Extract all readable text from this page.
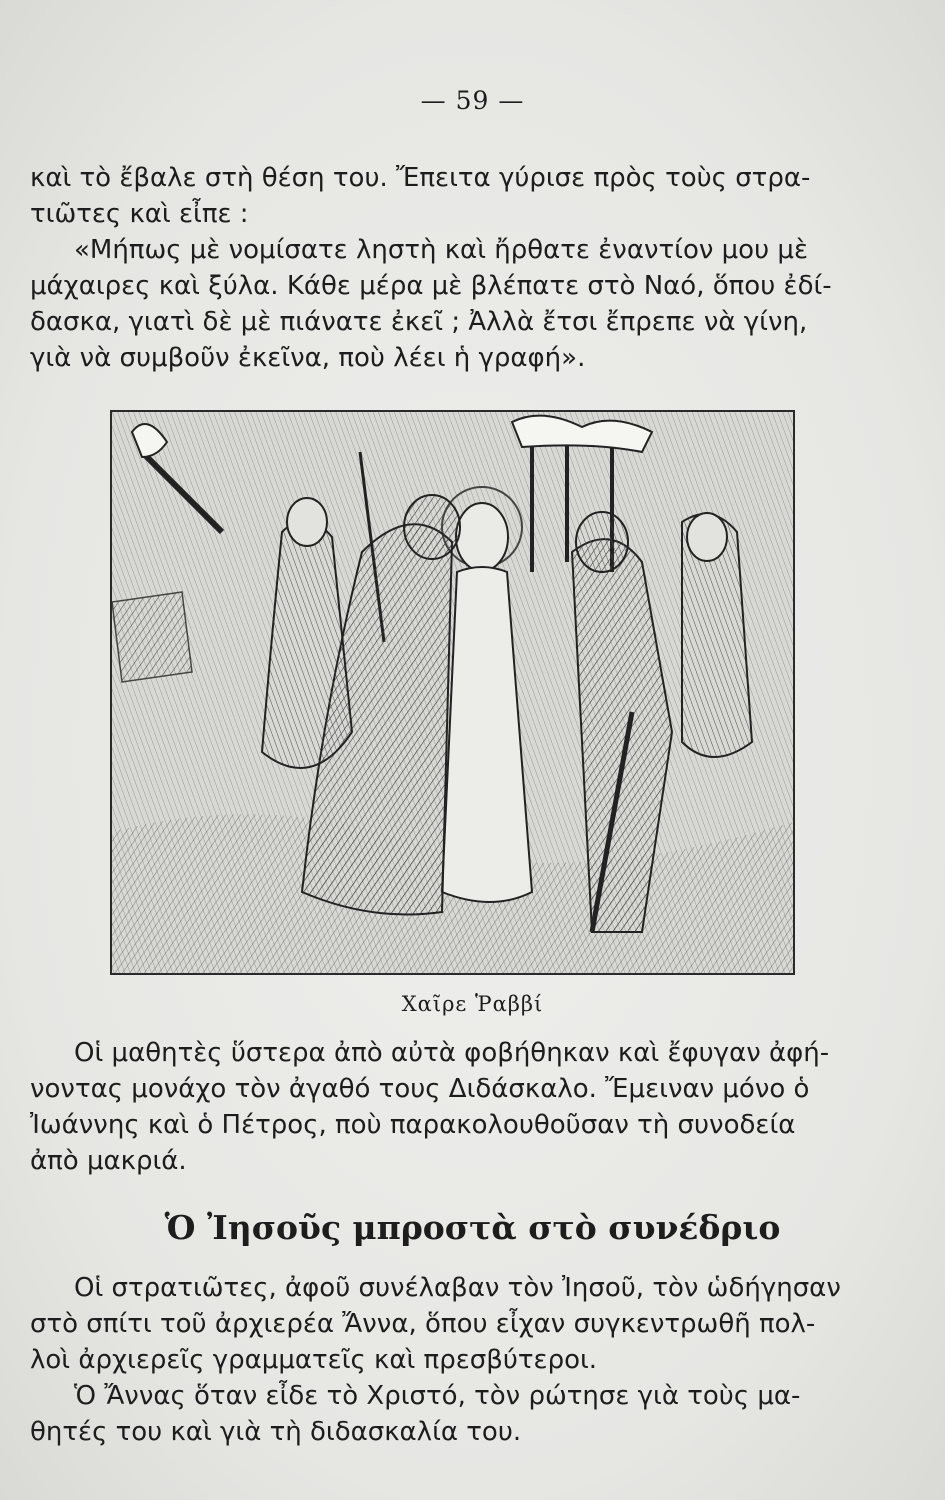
— 59 —
καὶ τὸ ἔβαλε στὴ θέση του. Ἔπειτα γύρισε πρὸς τοὺς στρα-
τιῶτες καὶ εἶπε :
«Μήπως μὲ νομίσατε ληστὴ καὶ ἤρθατε ἐναντίον μου μὲ
μάχαιρες καὶ ξύλα. Κάθε μέρα μὲ βλέπατε στὸ Ναό, ὅπου ἐδί-
δασκα, γιατὶ δὲ μὲ πιάνατε ἐκεῖ ; Ἀλλὰ ἔτσι ἔπρεπε νὰ γίνη,
γιὰ νὰ συμβοῦν ἐκεῖνα, ποὺ λέει ἡ γραφή».
Χαῖρε Ῥαββί
Οἱ μαθητὲς ὕστερα ἀπὸ αὐτὰ φοβήθηκαν καὶ ἔφυγαν ἀφή-
νοντας μονάχο τὸν ἀγαθό τους Διδάσκαλο. Ἔμειναν μόνο ὁ
Ἰωάννης καὶ ὁ Πέτρος, ποὺ παρακολουθοῦσαν τὴ συνοδεία
ἀπὸ μακριά.
Ὁ Ἰησοῦς μπροστὰ στὸ συνέδριο
Οἱ στρατιῶτες, ἀφοῦ συνέλαβαν τὸν Ἰησοῦ, τὸν ὡδήγησαν
στὸ σπίτι τοῦ ἀρχιερέα Ἄννα, ὅπου εἶχαν συγκεντρωθῆ πολ-
λοὶ ἀρχιερεῖς γραμματεῖς καὶ πρεσβύτεροι.
Ὁ Ἄννας ὅταν εἶδε τὸ Χριστό, τὸν ρώτησε γιὰ τοὺς μα-
θητές του καὶ γιὰ τὴ διδασκαλία του.
